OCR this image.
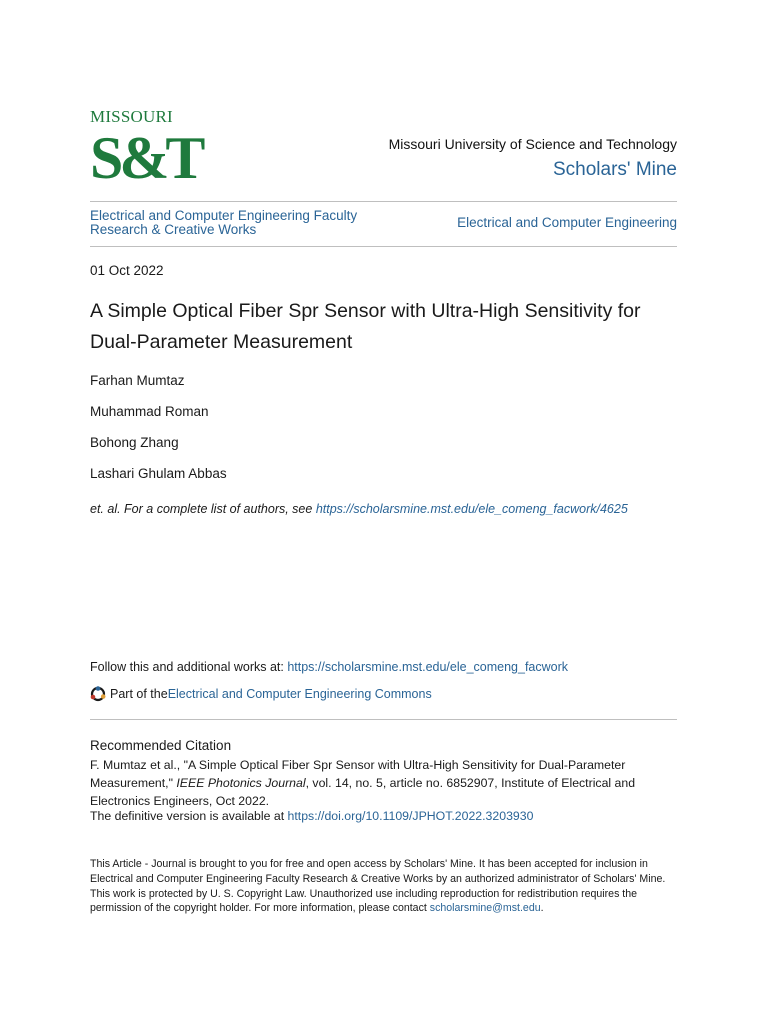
MISSOURI
S&T	Missouri University of Science and Technology
Scholars' Mine
Electrical and Computer Engineering Faculty
Research & Creative Works	Electrical and Computer Engineering
01 Oct 2022
A Simple Optical Fiber Spr Sensor with Ultra-High Sensitivity for Dual-Parameter Measurement
Farhan Mumtaz
Muhammad Roman
Bohong Zhang
Lashari Ghulam Abbas
et. al. For a complete list of authors, see https://scholarsmine.mst.edu/ele_comeng_facwork/4625
Follow this and additional works at: https://scholarsmine.mst.edu/ele_comeng_facwork
Part of the Electrical and Computer Engineering Commons
Recommended Citation
F. Mumtaz et al., "A Simple Optical Fiber Spr Sensor with Ultra-High Sensitivity for Dual-Parameter Measurement," IEEE Photonics Journal, vol. 14, no. 5, article no. 6852907, Institute of Electrical and Electronics Engineers, Oct 2022.
The definitive version is available at https://doi.org/10.1109/JPHOT.2022.3203930
This Article - Journal is brought to you for free and open access by Scholars' Mine. It has been accepted for inclusion in Electrical and Computer Engineering Faculty Research & Creative Works by an authorized administrator of Scholars' Mine. This work is protected by U. S. Copyright Law. Unauthorized use including reproduction for redistribution requires the permission of the copyright holder. For more information, please contact scholarsmine@mst.edu.
